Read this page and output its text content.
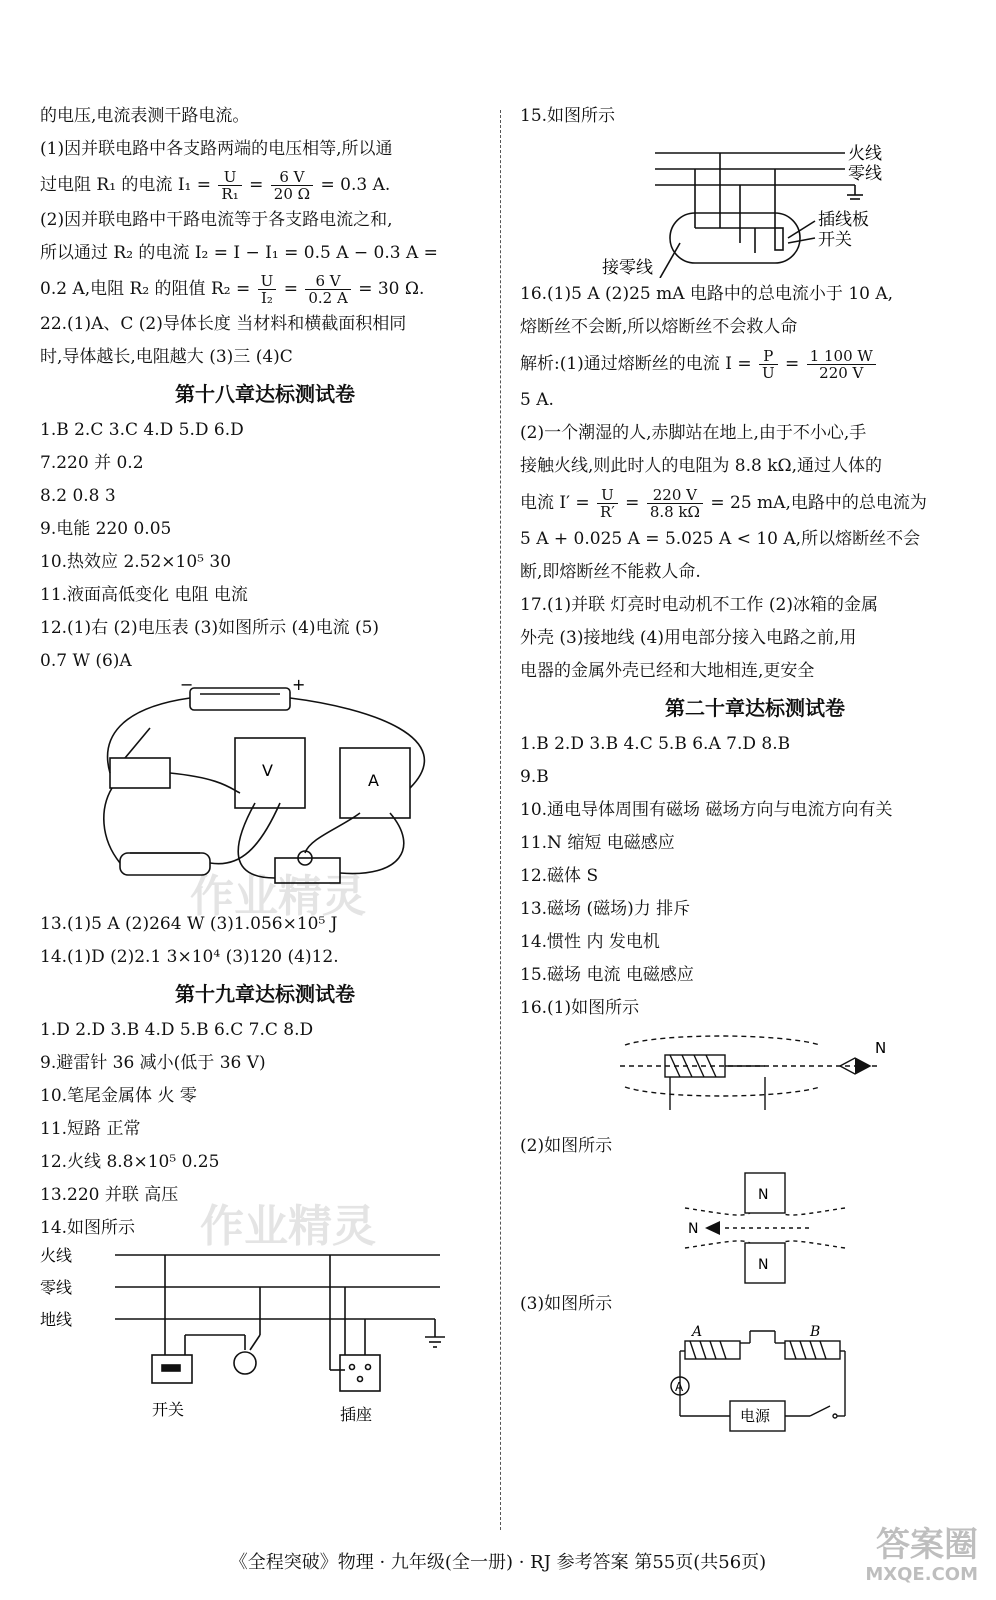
的电压,电流表测干路电流。
(1)因并联电路中各支路两端的电压相等,所以通
过电阻 R₁ 的电流 $I_1 = \frac{U}{\text{R₁}} = \frac{6 V}{20 \Omega} = 0.3$ A.
(2)因并联电路中干路电流等于各支路电流之和,
所以通过 R₂ 的电流 I₂ = I − I₁ = 0.5 A − 0.3 A =
0.2 A,电阻 R₂ 的阻值 $R_2 = \frac{U}{\text{I₂}} = \frac{6 V}{0.2 A} = 30$ Ω.
22.(1)A、C (2)导体长度 当材料和横截面积相同
时,导体越长,电阻越大 (3)三 (4)C
第十八章达标测试卷
1.B 2.C 3.C 4.D 5.D 6.D
7.220 并 0.2
8.2 0.8 3
9.电能 220 0.05
10.热效应 2.52×10⁵ 30
11.液面高低变化 电阻 电流
12.(1)右 (2)电压表 (3)如图所示 (4)电流 (5)
0.7 W (6)A
−	+
V
A
13.(1)5 A (2)264 W (3)1.056×10⁵ J
14.(1)D (2)2.1 3×10⁴ (3)120 (4)12.
第十九章达标测试卷
1.D 2.D 3.B 4.D 5.B 6.C 7.C 8.D
9.避雷针 36 减小(低于 36 V)
10.笔尾金属体 火 零
11.短路 正常
12.火线 8.8×10⁵ 0.25
13.220 并联 高压
14.如图所示
火线
零线
地线
开关	插座
15.如图所示
火线
零线
插线板
开关
接零线
16.(1)5 A (2)25 mA 电路中的总电流小于 10 A,
熔断丝不会断,所以熔断丝不会救人命
解析:(1)通过熔断丝的电流 $I = \frac{P}{U} = \frac{1 100 W}{220 V}$
5 A.
(2)一个潮湿的人,赤脚站在地上,由于不小心,手
接触火线,则此时人的电阻为 8.8 kΩ,通过人体的
电流 $I' = \frac{U}{R'} = \frac{220 V}{8.8 k\Omega} = 25$ mA,电路中的总电流为
5 A + 0.025 A = 5.025 A < 10 A,所以熔断丝不会
断,即熔断丝不能救人命.
17.(1)并联 灯亮时电动机不工作 (2)冰箱的金属
外壳 (3)接地线 (4)用电部分接入电路之前,用
电器的金属外壳已经和大地相连,更安全
第二十章达标测试卷
1.B 2.D 3.B 4.C 5.B 6.A 7.D 8.B
9.B
10.通电导体周围有磁场 磁场方向与电流方向有关
11.N 缩短 电磁感应
12.磁体 S
13.磁场 (磁场)力 排斥
14.惯性 内 发电机
15.磁场 电流 电磁感应
16.(1)如图所示
N
(2)如图所示
N
N
N
(3)如图所示
A	B
A
电源
作业精灵
作业精灵
《全程突破》物理 · 九年级(全一册) · RJ 参考答案 第55页(共56页)	答案圈
MXQE.COM
